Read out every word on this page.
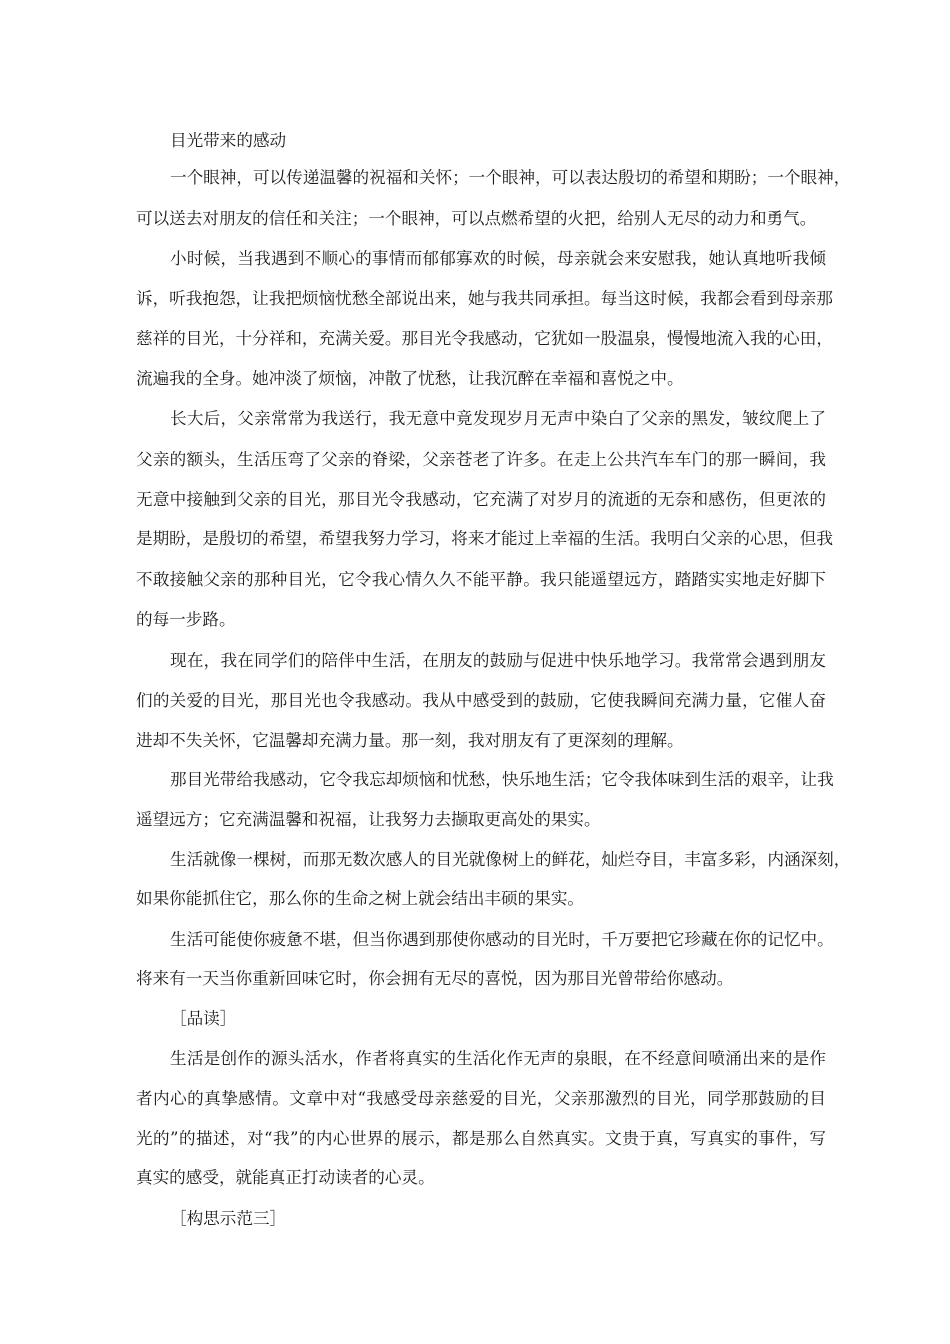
目光带来的感动
一个眼神，可以传递温馨的祝福和关怀；一个眼神，可以表达殷切的希望和期盼；一个眼神，
可以送去对朋友的信任和关注；一个眼神，可以点燃希望的火把，给别人无尽的动力和勇气。
小时候，当我遇到不顺心的事情而郁郁寡欢的时候，母亲就会来安慰我，她认真地听我倾
诉，听我抱怨，让我把烦恼忧愁全部说出来，她与我共同承担。每当这时候，我都会看到母亲那
慈祥的目光，十分祥和，充满关爱。那目光令我感动，它犹如一股温泉，慢慢地流入我的心田，
流遍我的全身。她冲淡了烦恼，冲散了忧愁，让我沉醉在幸福和喜悦之中。
长大后，父亲常常为我送行，我无意中竟发现岁月无声中染白了父亲的黑发，皱纹爬上了
父亲的额头，生活压弯了父亲的脊梁，父亲苍老了许多。在走上公共汽车车门的那一瞬间，我
无意中接触到父亲的目光，那目光令我感动，它充满了对岁月的流逝的无奈和感伤，但更浓的
是期盼，是殷切的希望，希望我努力学习，将来才能过上幸福的生活。我明白父亲的心思，但我
不敢接触父亲的那种目光，它令我心情久久不能平静。我只能遥望远方，踏踏实实地走好脚下
的每一步路。
现在，我在同学们的陪伴中生活，在朋友的鼓励与促进中快乐地学习。我常常会遇到朋友
们的关爱的目光，那目光也令我感动。我从中感受到的鼓励，它使我瞬间充满力量，它催人奋
进却不失关怀，它温馨却充满力量。那一刻，我对朋友有了更深刻的理解。
那目光带给我感动，它令我忘却烦恼和忧愁，快乐地生活；它令我体味到生活的艰辛，让我
遥望远方；它充满温馨和祝福，让我努力去撷取更高处的果实。
生活就像一棵树，而那无数次感人的目光就像树上的鲜花，灿烂夺目，丰富多彩，内涵深刻，
如果你能抓住它，那么你的生命之树上就会结出丰硕的果实。
生活可能使你疲惫不堪，但当你遇到那使你感动的目光时，千万要把它珍藏在你的记忆中。
将来有一天当你重新回味它时，你会拥有无尽的喜悦，因为那目光曾带给你感动。
［品读］
生活是创作的源头活水，作者将真实的生活化作无声的泉眼，在不经意间喷涌出来的是作
者内心的真挚感情。文章中对“我感受母亲慈爱的目光，父亲那激烈的目光，同学那鼓励的目
光的”的描述，对“我”的内心世界的展示，都是那么自然真实。文贵于真，写真实的事件，写
真实的感受，就能真正打动读者的心灵。
［构思示范三］
